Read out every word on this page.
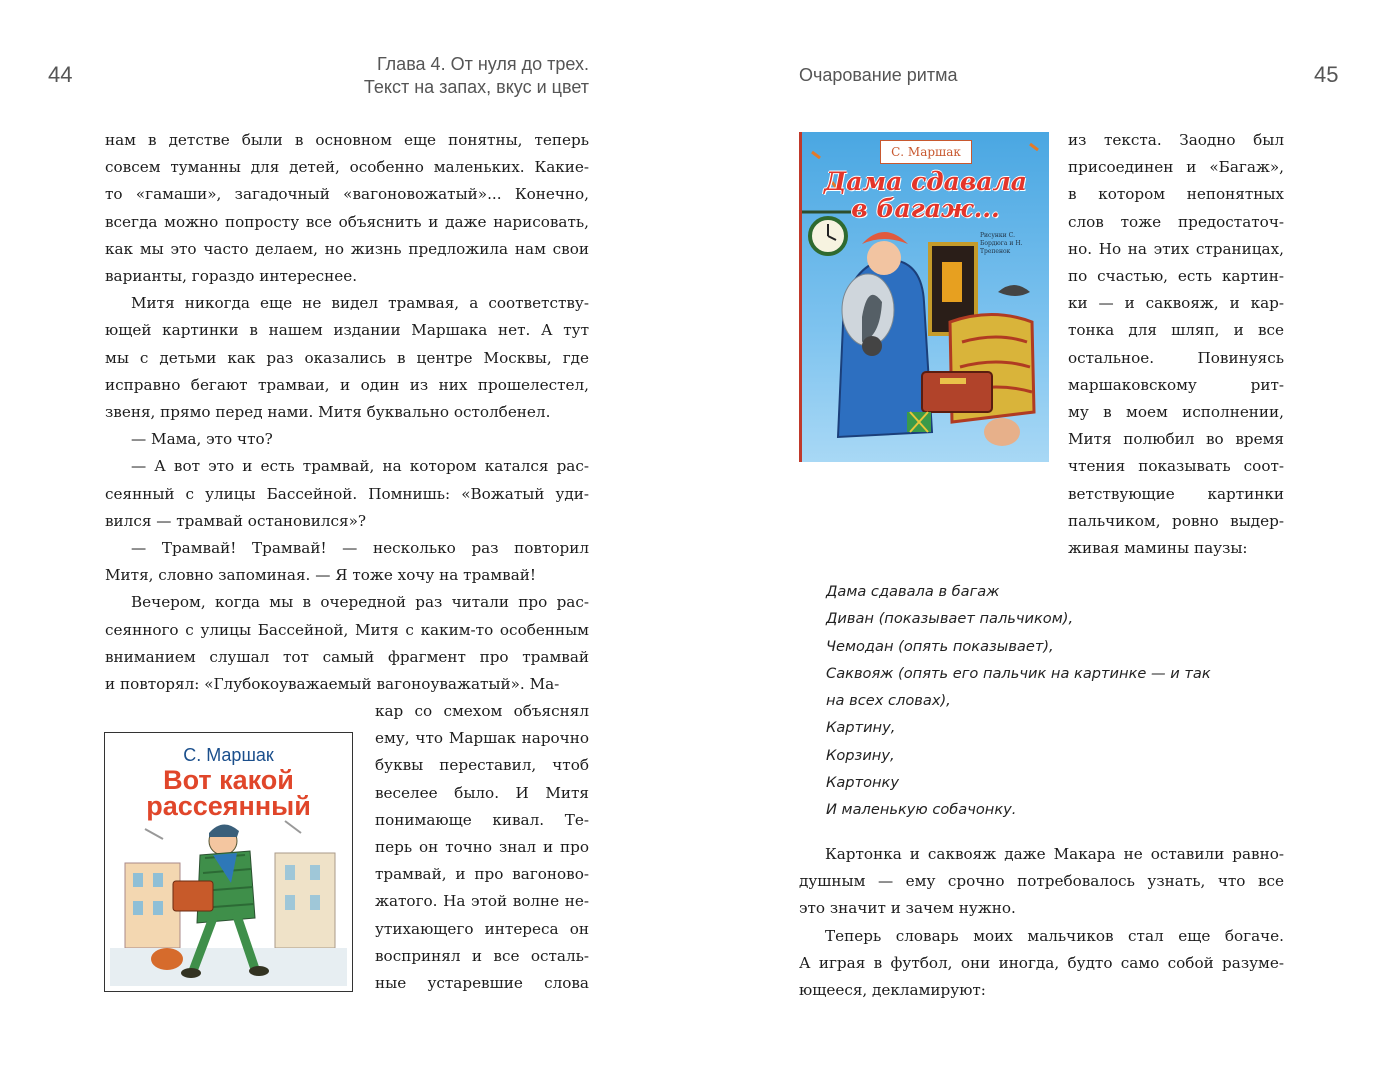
44	Глава 4. От нуля до трех.
Текст на запах, вкус и цвет
нам в детстве были в основном еще понятны, теперь
совсем туманны для детей, особенно маленьких. Какие-
то «гамаши», загадочный «вагоновожатый»... Конечно,
всегда можно попросту все объяснить и даже нарисовать,
как мы это часто делаем, но жизнь предложила нам свои
варианты, гораздо интереснее.
Митя никогда еще не видел трамвая, а соответству-
ющей картинки в нашем издании Маршака нет. А тут
мы с детьми как раз оказались в центре Москвы, где
исправно бегают трамваи, и один из них прошелестел,
звеня, прямо перед нами. Митя буквально остолбенел.
— Мама, это что?
— А вот это и есть трамвай, на котором катался рас-
сеянный с улицы Бассейной. Помнишь: «Вожатый уди-
вился — трамвай остановился»?
— Трамвай! Трамвай! — несколько раз повторил
Митя, словно запоминая. — Я тоже хочу на трамвай!
Вечером, когда мы в очередной раз читали про рас-
сеянного с улицы Бассейной, Митя с каким-то особенным
вниманием слушал тот самый фрагмент про трамвай
и повторял: «Глубокоуважаемый вагоноуважатый». Ма-
кар со смехом объяснял
ему, что Маршак нарочно
буквы переставил, чтоб
веселее было. И Митя
понимающе кивал. Те-
перь он точно знал и про
трамвай, и про вагоново-
жатого. На этой волне не-
утихающего интереса он
воспринял и все осталь-
ные устаревшие слова
С. Маршак
Вот какой
рассеянный
Очарование ритма	45
С. Маршак
Дама сдавала
в багаж...
Рисунки С. Бордюга и Н. Трепенок
из текста. Заодно был
присоединен и «Багаж»,
в котором непонятных
слов тоже предостаточ-
но. Но на этих страницах,
по счастью, есть картин-
ки — и саквояж, и кар-
тонка для шляп, и все
остальное. Повинуясь
маршаковскому рит-
му в моем исполнении,
Митя полюбил во время
чтения показывать соот-
ветствующие картинки
пальчиком, ровно выдер-
живая мамины паузы:
Дама сдавала в багаж
Диван (показывает пальчиком),
Чемодан (опять показывает),
Саквояж (опять его пальчик на картинке — и так
на всех словах),
Картину,
Корзину,
Картонку
И маленькую собачонку.
Картонка и саквояж даже Макара не оставили равно-
душным — ему срочно потребовалось узнать, что все
это значит и зачем нужно.
Теперь словарь моих мальчиков стал еще богаче.
А играя в футбол, они иногда, будто само собой разуме-
ющееся, декламируют:
